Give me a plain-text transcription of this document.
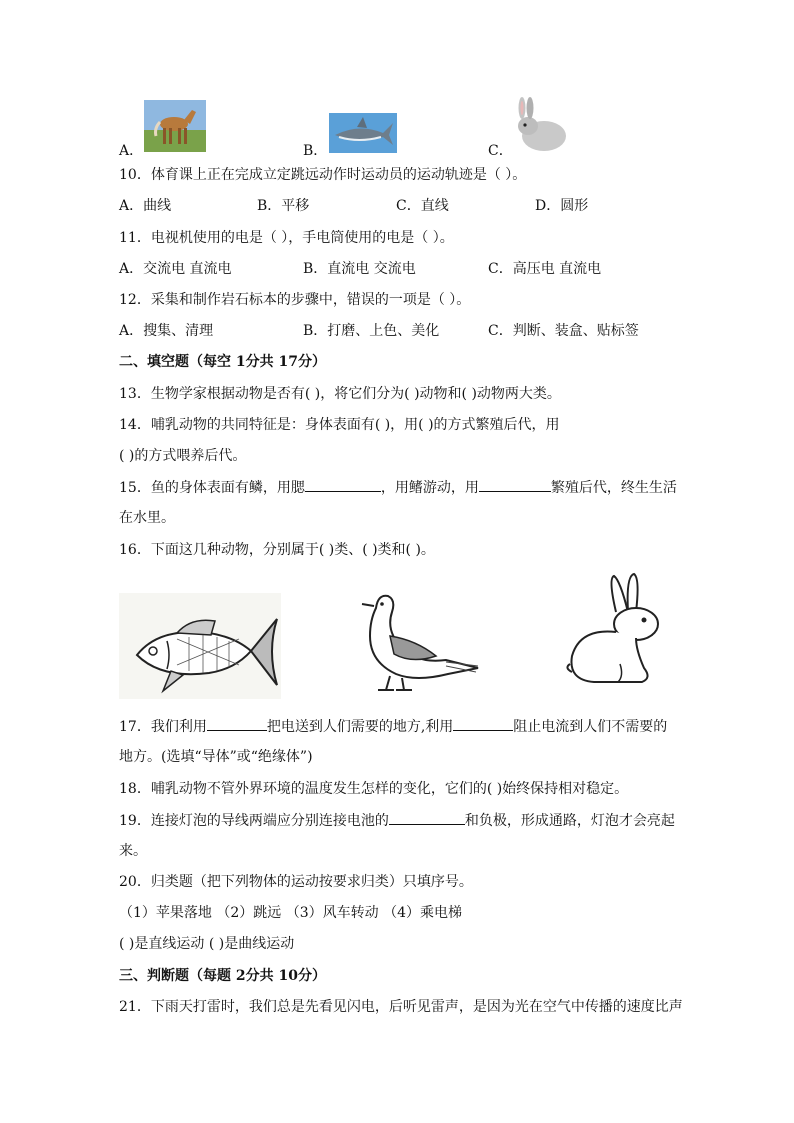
A．	B．	C．
10．体育课上正在完成立定跳远动作时运动员的运动轨迹是（ ）。
A．曲线	B．平移	C．直线	D．圆形
11．电视机使用的电是（ ），手电筒使用的电是（ ）。
A．交流电 直流电	B．直流电 交流电	C．高压电 直流电
12．采集和制作岩石标本的步骤中，错误的一项是（ ）。
A．搜集、清理	B．打磨、上色、美化	C．判断、装盒、贴标签
二、填空题（每空 1分共 17分）
13．生物学家根据动物是否有( )，将它们分为( )动物和( )动物两大类。
14．哺乳动物的共同特征是：身体表面有( )，用( )的方式繁殖后代，用
( )的方式喂养后代。
15．鱼的身体表面有鳞，用腮	，用鳍游动，用	繁殖后代，终生生活
在水里。
16．下面这几种动物，分别属于( )类、( )类和( )。
17．我们利用	把电送到人们需要的地方,利用	阻止电流到人们不需要的
地方。(选填“导体”或“绝缘体”)
18．哺乳动物不管外界环境的温度发生怎样的变化，它们的( )始终保持相对稳定。
19．连接灯泡的导线两端应分别连接电池的	和负极，形成通路，灯泡才会亮起
来。
20．归类题（把下列物体的运动按要求归类）只填序号。
（1）苹果落地 （2）跳远 （3）风车转动 （4）乘电梯
( )是直线运动 ( )是曲线运动
三、判断题（每题 2分共 10分）
21．下雨天打雷时，我们总是先看见闪电，后听见雷声，是因为光在空气中传播的速度比声
